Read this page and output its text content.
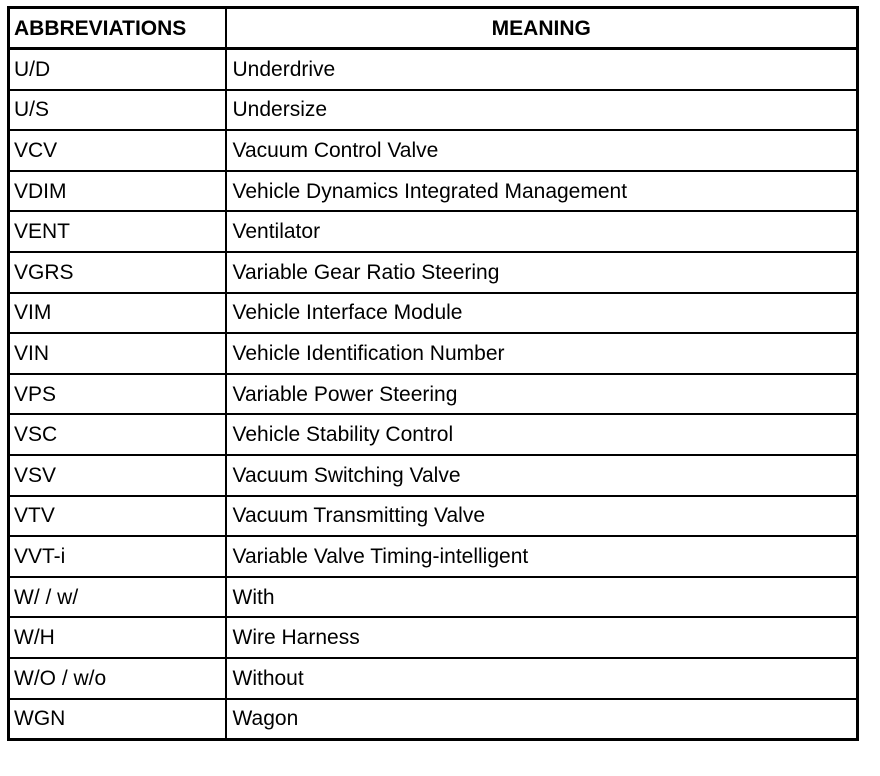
ABBREVIATIONS	MEANING
U/D	Underdrive
U/S	Undersize
VCV	Vacuum Control Valve
VDIM	Vehicle Dynamics Integrated Management
VENT	Ventilator
VGRS	Variable Gear Ratio Steering
VIM	Vehicle Interface Module
VIN	Vehicle Identification Number
VPS	Variable Power Steering
VSC	Vehicle Stability Control
VSV	Vacuum Switching Valve
VTV	Vacuum Transmitting Valve
VVT-i	Variable Valve Timing-intelligent
W/ / w/	With
W/H	Wire Harness
W/O / w/o	Without
WGN	Wagon
